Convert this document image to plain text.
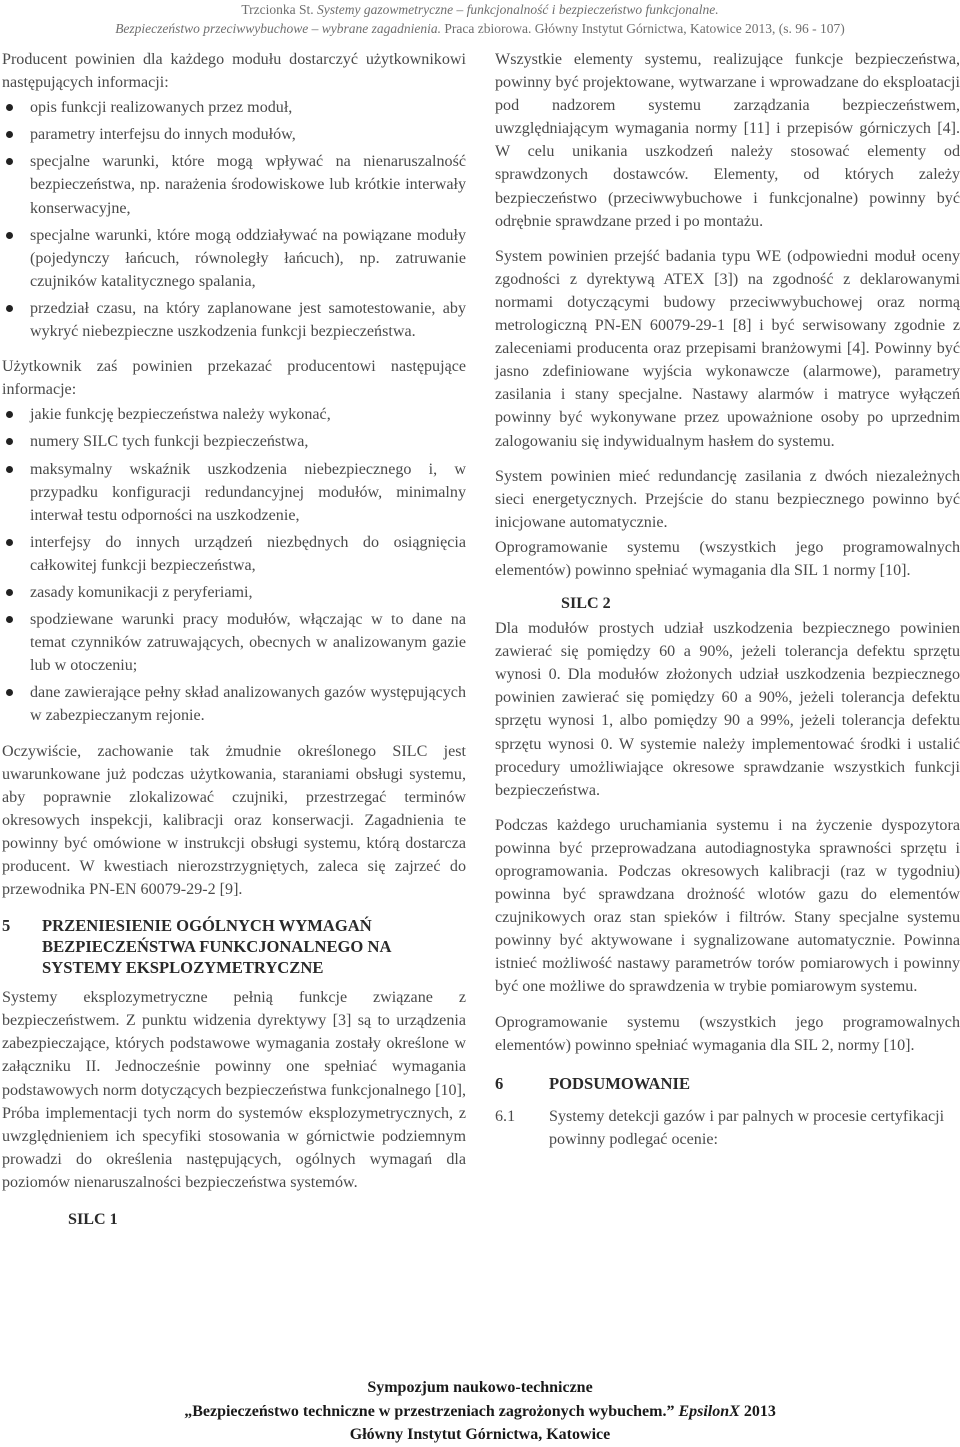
Trzcionka St. Systemy gazowmetryczne – funkcjonalność i bezpieczeństwo funkcjonalne.
Bezpieczeństwo przeciwwybuchowe – wybrane zagadnienia. Praca zbiorowa. Główny Instytut Górnictwa, Katowice 2013, (s. 96 - 107)

Producent powinien dla każdego modułu dostarczyć użytkownikowi następujących informacji:

opis funkcji realizowanych przez moduł,
parametry interfejsu do innych modułów,
specjalne warunki, które mogą wpływać na nienaruszalność bezpieczeństwa, np. narażenia środowiskowe lub krótkie interwały konserwacyjne,
specjalne warunki, które mogą oddziaływać na powiązane moduły (pojedynczy łańcuch, równoległy łańcuch), np. zatruwanie czujników katalitycznego spalania,
przedział czasu, na który zaplanowane jest samotestowanie, aby wykryć niebezpieczne uszkodzenia funkcji bezpieczeństwa.

Użytkownik zaś powinien przekazać producentowi następujące informacje:

jakie funkcję bezpieczeństwa należy wykonać,
numery SILC tych funkcji bezpieczeństwa,
maksymalny wskaźnik uszkodzenia niebezpiecznego i, w przypadku konfiguracji redundancyjnej modułów, minimalny interwał testu odporności na uszkodzenie,
interfejsy do innych urządzeń niezbędnych do osiągnięcia całkowitej funkcji bezpieczeństwa,
zasady komunikacji z peryferiami,
spodziewane warunki pracy modułów, włączając w to dane na temat czynników zatruwających, obecnych w analizowanym gazie lub w otoczeniu;
dane zawierające pełny skład analizowanych gazów występujących w zabezpieczanym rejonie.

Oczywiście, zachowanie tak żmudnie określonego SILC jest uwarunkowane już podczas użytkowania, staraniami obsługi systemu, aby poprawnie zlokalizować czujniki, przestrzegać terminów okresowych inspekcji, kalibracji oraz konserwacji. Zagadnienia te powinny być omówione w instrukcji obsługi systemu, którą dostarcza producent. W kwestiach nierozstrzygniętych, zaleca się zajrzeć do przewodnika PN-EN 60079-29-2 [9].

5 PRZENIESIENIE OGÓLNYCH WYMAGAŃ BEZPIECZEŃSTWA FUNKCJONALNEGO NA SYSTEMY EKSPLOZYMETRYCZNE

Systemy eksplozymetryczne pełnią funkcje związane z bezpieczeństwem. Z punktu widzenia dyrektywy [3] są to urządzenia zabezpieczające, których podstawowe wymagania zostały określone w załączniku II. Jednocześnie powinny one spełniać wymagania podstawowych norm dotyczących bezpieczeństwa funkcjonalnego [10], Próba implementacji tych norm do systemów eksplozymetrycznych, z uwzględnieniem ich specyfiki stosowania w górnictwie podziemnym prowadzi do określenia następujących, ogólnych wymagań dla poziomów nienaruszalności bezpieczeństwa systemów.

SILC 1

Wszystkie elementy systemu, realizujące funkcje bezpieczeństwa, powinny być projektowane, wytwarzane i wprowadzane do eksploatacji pod nadzorem systemu zarządzania bezpieczeństwem, uwzględniającym wymagania normy [11] i przepisów górniczych [4]. W celu unikania uszkodzeń należy stosować elementy od sprawdzonych dostawców. Elementy, od których zależy bezpieczeństwo (przeciwwybuchowe i funkcjonalne) powinny być odrębnie sprawdzane przed i po montażu.

System powinien przejść badania typu WE (odpowiedni moduł oceny zgodności z dyrektywą ATEX [3]) na zgodność z deklarowanymi normami dotyczącymi budowy przeciwwybuchowej oraz normą metrologiczną PN-EN 60079-29-1 [8] i być serwisowany zgodnie z zaleceniami producenta oraz przepisami branżowymi [4]. Powinny być jasno zdefiniowane wyjścia wykonawcze (alarmowe), parametry zasilania i stany specjalne. Nastawy alarmów i matryce wyłączeń powinny być wykonywane przez upoważnione osoby po uprzednim zalogowaniu się indywidualnym hasłem do systemu.

System powinien mieć redundancję zasilania z dwóch niezależnych sieci energetycznych. Przejście do stanu bezpiecznego powinno być inicjowane automatycznie.

Oprogramowanie systemu (wszystkich jego programowalnych elementów) powinno spełniać wymagania dla SIL 1 normy [10].

SILC 2

Dla modułów prostych udział uszkodzenia bezpiecznego powinien zawierać się pomiędzy 60 a 90%, jeżeli tolerancja defektu sprzętu wynosi 0. Dla modułów złożonych udział uszkodzenia bezpiecznego powinien zawierać się pomiędzy 60 a 90%, jeżeli tolerancja defektu sprzętu wynosi 1, albo pomiędzy 90 a 99%, jeżeli tolerancja defektu sprzętu wynosi 0. W systemie należy implementować środki i ustalić procedury umożliwiające okresowe sprawdzanie wszystkich funkcji bezpieczeństwa.

Podczas każdego uruchamiania systemu i na życzenie dyspozytora powinna być przeprowadzana autodiagnostyka sprawności sprzętu i oprogramowania. Podczas okresowych kalibracji (raz w tygodniu) powinna być sprawdzana drożność wlotów gazu do elementów czujnikowych oraz stan spieków i filtrów. Stany specjalne systemu powinny być aktywowane i sygnalizowane automatycznie. Powinna istnieć możliwość nastawy parametrów torów pomiarowych i powinny być one możliwe do sprawdzenia w trybie pomiarowym systemu.

Oprogramowanie systemu (wszystkich jego programowalnych elementów) powinno spełniać wymagania dla SIL 2, normy [10].

6	PODSUMOWANIE
6.1 Systemy detekcji gazów i par palnych w procesie certyfikacji powinny podlegać ocenie:
Sympozjum naukowo-techniczne
„Bezpieczeństwo techniczne w przestrzeniach zagrożonych wybuchem.” EpsilonX 2013
Główny Instytut Górnictwa, Katowice
